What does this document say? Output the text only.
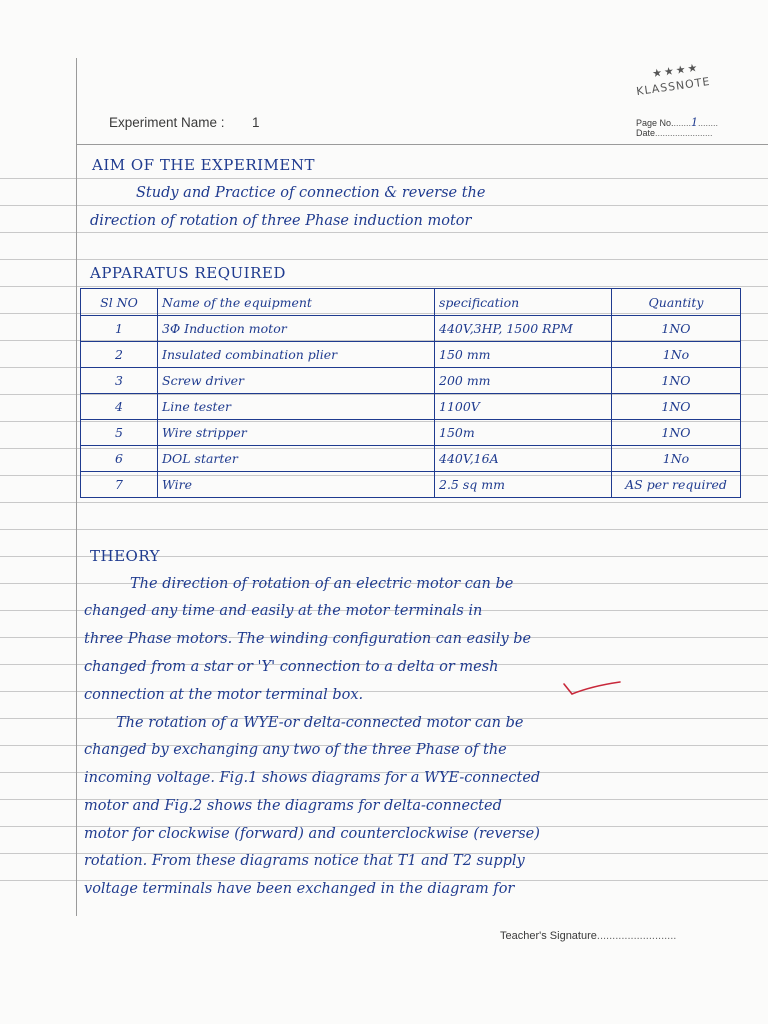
★★★★
KLASSNOTE
Experiment Name : 1	Page No........1........
Date.......................
AIM OF THE EXPERIMENT
Study and Practice of connection & reverse the
direction of rotation of three Phase induction motor
APPARATUS REQUIRED
Sl NO	Name of the equipment	specification	Quantity
1	3Φ Induction motor	440V,3HP, 1500 RPM	1NO
2	Insulated combination plier	150 mm	1No
3	Screw driver	200 mm	1NO
4	Line tester	1100V	1NO
5	Wire stripper	150m	1NO
6	DOL starter	440V,16A	1No
7	Wire	2.5 sq mm	AS per required
THEORY
The direction of rotation of an electric motor can be
changed any time and easily at the motor terminals in
three Phase motors. The winding configuration can easily be
changed from a star or 'Y' connection to a delta or mesh
connection at the motor terminal box.
The rotation of a WYE-or delta-connected motor can be
changed by exchanging any two of the three Phase of the
incoming voltage. Fig.1 shows diagrams for a WYE-connected
motor and Fig.2 shows the diagrams for delta-connected
motor for clockwise (forward) and counterclockwise (reverse)
rotation. From these diagrams notice that T1 and T2 supply
voltage terminals have been exchanged in the diagram for
Teacher's Signature..........................
